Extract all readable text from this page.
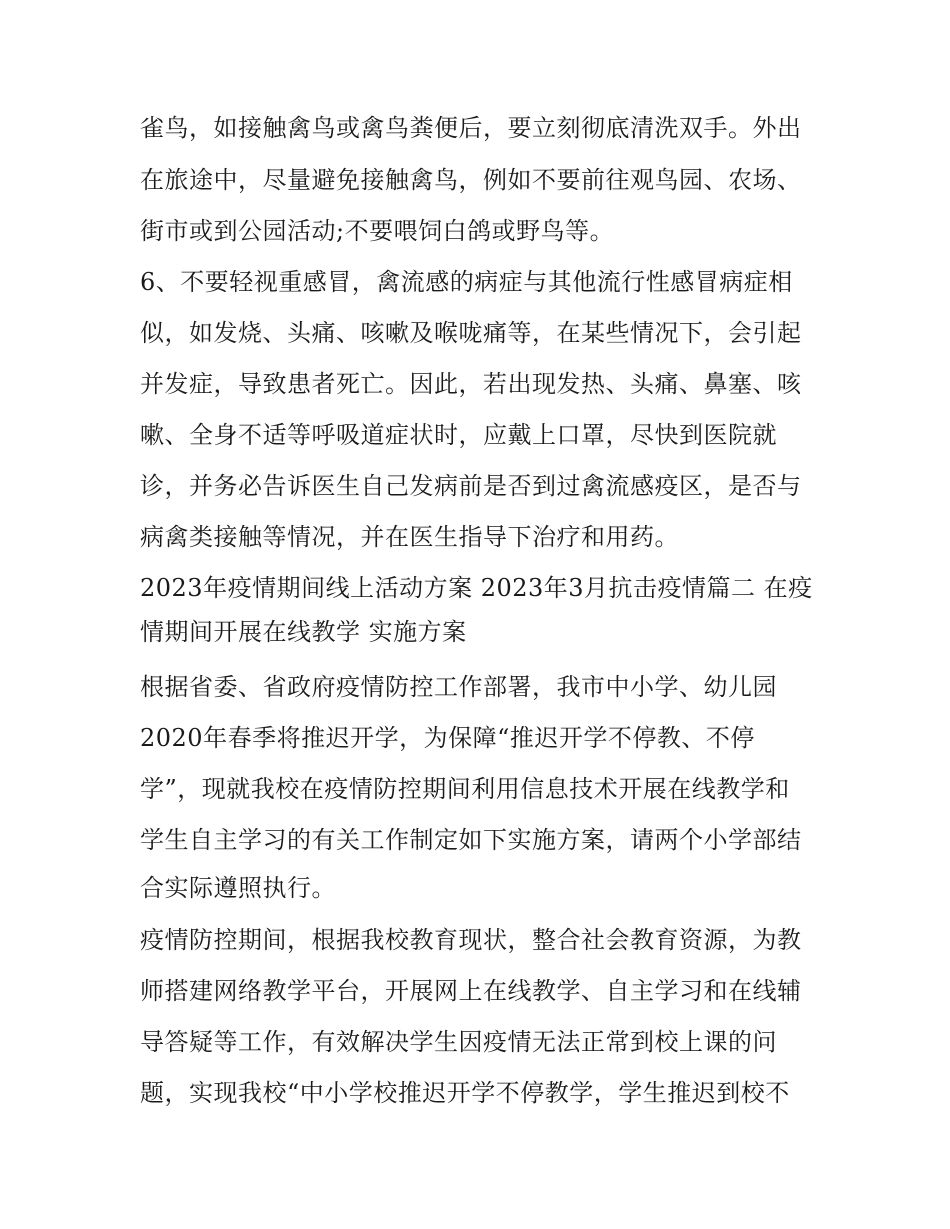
雀鸟，如接触禽鸟或禽鸟粪便后，要立刻彻底清洗双手。外出
在旅途中，尽量避免接触禽鸟，例如不要前往观鸟园、农场、
街市或到公园活动;不要喂饲白鸽或野鸟等。
6、不要轻视重感冒，禽流感的病症与其他流行性感冒病症相
似，如发烧、头痛、咳嗽及喉咙痛等，在某些情况下，会引起
并发症，导致患者死亡。因此，若出现发热、头痛、鼻塞、咳
嗽、全身不适等呼吸道症状时，应戴上口罩，尽快到医院就
诊，并务必告诉医生自己发病前是否到过禽流感疫区，是否与
病禽类接触等情况，并在医生指导下治疗和用药。
2023年疫情期间线上活动方案 2023年3月抗击疫情篇二 在疫
情期间开展在线教学 实施方案
根据省委、省政府疫情防控工作部署，我市中小学、幼儿园
2020年春季将推迟开学，为保障“推迟开学不停教、不停
学”，现就我校在疫情防控期间利用信息技术开展在线教学和
学生自主学习的有关工作制定如下实施方案，请两个小学部结
合实际遵照执行。
疫情防控期间，根据我校教育现状，整合社会教育资源，为教
师搭建网络教学平台，开展网上在线教学、自主学习和在线辅
导答疑等工作，有效解决学生因疫情无法正常到校上课的问
题，实现我校“中小学校推迟开学不停教学，学生推迟到校不
